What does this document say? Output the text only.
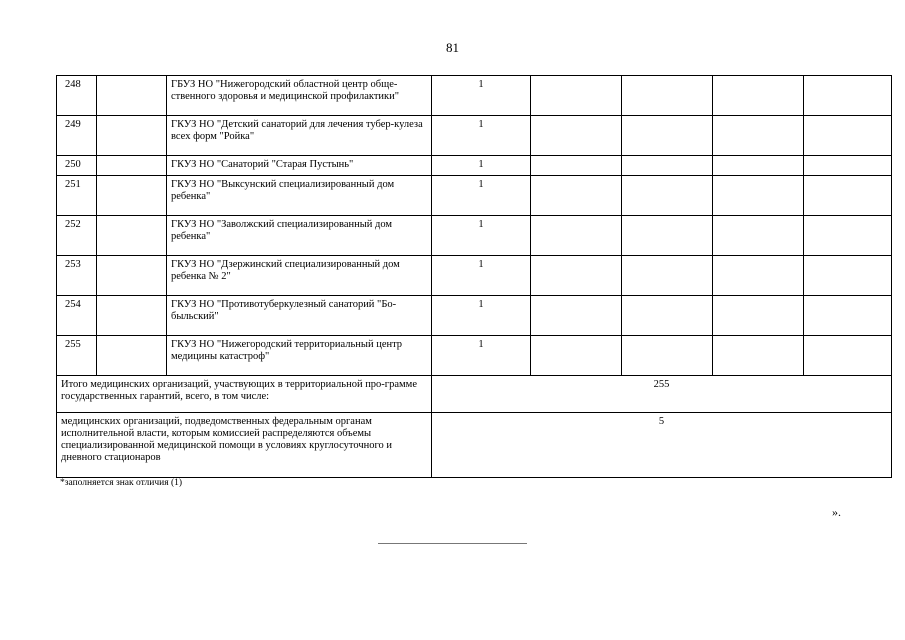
81
248		ГБУЗ НО "Нижегородский областной центр обще-ственного здоровья и медицинской профилактики"	1				
249		ГКУЗ НО "Детский санаторий для лечения тубер-кулеза всех форм "Ройка"	1				
250		ГКУЗ НО "Санаторий "Старая Пустынь"	1				
251		ГКУЗ НО "Выксунский специализированный дом ребенка"	1				
252		ГКУЗ НО "Заволжский специализированный дом ребенка"	1				
253		ГКУЗ НО "Дзержинский специализированный дом ребенка № 2"	1				
254		ГКУЗ НО "Противотуберкулезный санаторий "Бо-быльский"	1				
255		ГКУЗ НО "Нижегородский территориальный центр медицины катастроф"	1				
Итого медицинских организаций, участвующих в территориальной про-грамме государственных гарантий, всего, в том числе:			255				
медицинских организаций, подведомственных федеральным органам исполнительной власти, которым комиссией распределяются объемы специализированной медицинской помощи в условиях круглосуточного и дневного стационаров			5				
*заполняется знак отличия (1)
».
